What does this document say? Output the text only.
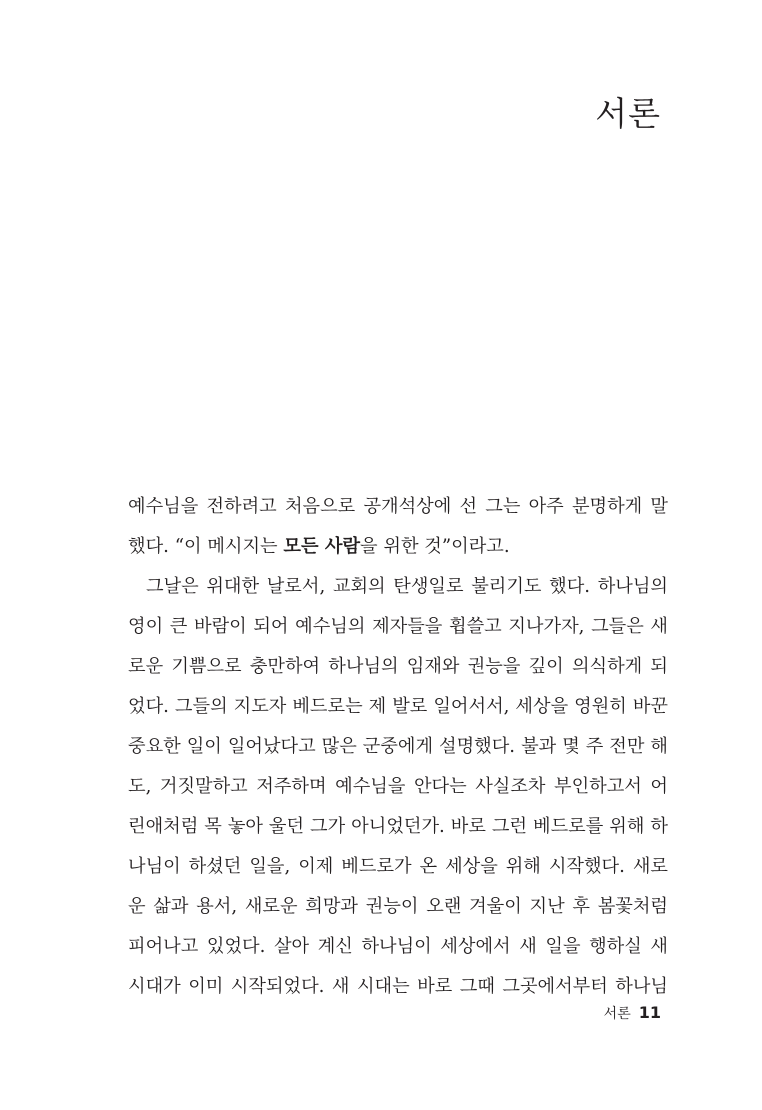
서론
예수님을 전하려고 처음으로 공개석상에 선 그는 아주 분명하게 말
했다. “이 메시지는 모든 사람을 위한 것”이라고.
그날은 위대한 날로서, 교회의 탄생일로 불리기도 했다. 하나님의
영이 큰 바람이 되어 예수님의 제자들을 휩쓸고 지나가자, 그들은 새
로운 기쁨으로 충만하여 하나님의 임재와 권능을 깊이 의식하게 되
었다. 그들의 지도자 베드로는 제 발로 일어서서, 세상을 영원히 바꾼
중요한 일이 일어났다고 많은 군중에게 설명했다. 불과 몇 주 전만 해
도, 거짓말하고 저주하며 예수님을 안다는 사실조차 부인하고서 어
린애처럼 목 놓아 울던 그가 아니었던가. 바로 그런 베드로를 위해 하
나님이 하셨던 일을, 이제 베드로가 온 세상을 위해 시작했다. 새로
운 삶과 용서, 새로운 희망과 권능이 오랜 겨울이 지난 후 봄꽃처럼
피어나고 있었다. 살아 계신 하나님이 세상에서 새 일을 행하실 새
시대가 이미 시작되었다. 새 시대는 바로 그때 그곳에서부터 하나님
서론 11
